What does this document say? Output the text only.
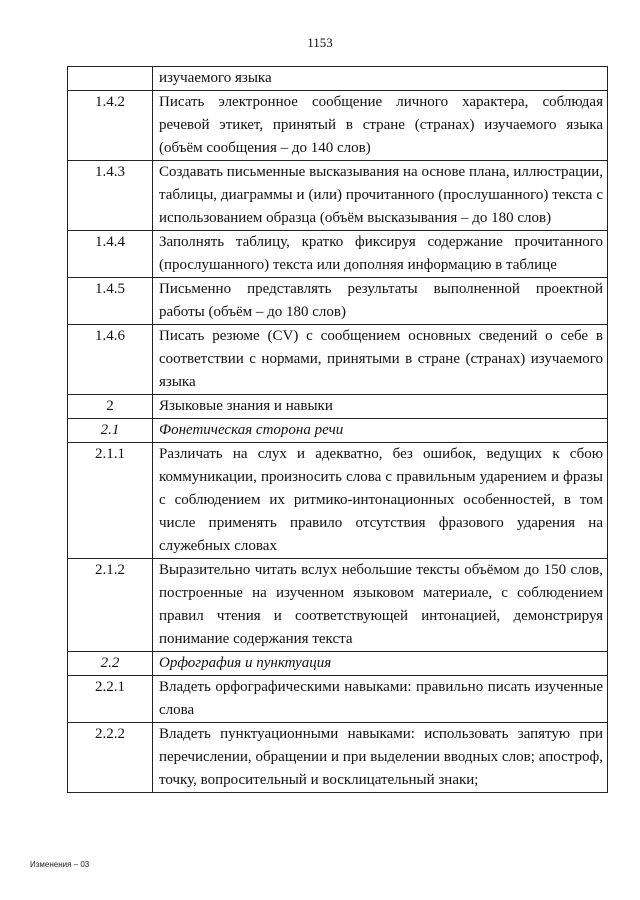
1153
	изучаемого языка
1.4.2	Писать электронное сообщение личного характера, соблюдая речевой этикет, принятый в стране (странах) изучаемого языка (объём сообщения – до 140 слов)
1.4.3	Создавать письменные высказывания на основе плана, иллюстрации, таблицы, диаграммы и (или) прочитанного (прослушанного) текста с использованием образца (объём высказывания – до 180 слов)
1.4.4	Заполнять таблицу, кратко фиксируя содержание прочитанного (прослушанного) текста или дополняя информацию в таблице
1.4.5	Письменно представлять результаты выполненной проектной работы (объём – до 180 слов)
1.4.6	Писать резюме (CV) с сообщением основных сведений о себе в соответствии с нормами, принятыми в стране (странах) изучаемого языка
2	Языковые знания и навыки
2.1	Фонетическая сторона речи
2.1.1	Различать на слух и адекватно, без ошибок, ведущих к сбою коммуникации, произносить слова с правильным ударением и фразы с соблюдением их ритмико-интонационных особенностей, в том числе применять правило отсутствия фразового ударения на служебных словах
2.1.2	Выразительно читать вслух небольшие тексты объёмом до 150 слов, построенные на изученном языковом материале, с соблюдением правил чтения и соответствующей интонацией, демонстрируя понимание содержания текста
2.2	Орфография и пунктуация
2.2.1	Владеть орфографическими навыками: правильно писать изученные слова
2.2.2	Владеть пунктуационными навыками: использовать запятую при перечислении, обращении и при выделении вводных слов; апостроф, точку, вопросительный и восклицательный знаки;
Изменения – 03
